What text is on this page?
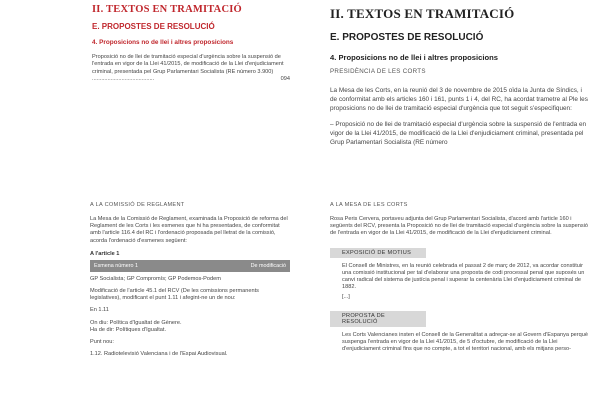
II. TEXTOS EN TRAMITACIÓ
E. PROPOSTES DE RESOLUCIÓ
4. Proposicions no de llei i altres proposicions

Proposició no de llei de tramitació especial d'urgència sobre la suspensió de l'entrada en vigor de la Llei 41/2015, de modificació de la Llei d'enjudiciament criminal, presentada pel Grup Parlamentari Socialista (RE número 3.900) ........................................	094

II. TEXTOS EN TRAMITACIÓ
E. PROPOSTES DE RESOLUCIÓ
4. Proposicions no de llei i altres proposicions
PRESIDÈNCIA DE LES CORTS

La Mesa de les Corts, en la reunió del 3 de novembre de 2015 oïda la Junta de Síndics, i de conformitat amb els articles 160 i 161, punts 1 i 4, del RC, ha acordat trametre al Ple les proposicions no de llei de tramitació especial d'urgència que tot seguit s'especifiquen:

– Proposició no de llei de tramitació especial d'urgència sobre la suspensió de l'entrada en vigor de la Llei 41/2015, de modificació de la Llei d'enjudiciament criminal, presentada pel Grup Parlamentari Socialista (RE número

A LA COMISSIÓ DE REGLAMENT

La Mesa de la Comissió de Reglament, examinada la Proposició de reforma del Reglament de les Corts i les esmenes que hi ha presentades, de conformitat amb l'article 116.4 del RC i l'ordenació proposada pel lletrat de la comissió, acorda l'ordenació d'esmenes següent:

A l'article 1
Esmena número 1	De modificació

GP Socialista; GP Compromís; GP Podemos-Podem

Modificació de l'article 45.1 del RCV (De les comissions permanents legislatives), modificant el punt 1.11 i afegint-ne un de nou:

En 1.11

On diu: Política d'Igualtat de Gènere.

Ha de dir: Polítiques d'Igualtat.

Punt nou:

1.12. Radiotelevisió Valenciana i de l'Espai Audiovisual.

A LA MESA DE LES CORTS

Rosa Peris Cervera, portaveu adjunta del Grup Parlamentari Socialista, d'acord amb l'article 160 i següents del RCV, presenta la Proposició no de llei de tramitació especial d'urgència sobre la suspensió de l'entrada en vigor de la Llei 41/2015, de modificació de la Llei d'enjudiciament criminal.

EXPOSICIÓ DE MOTIUS

El Consell de Ministres, en la reunió celebrada el passat 2 de març de 2012, va acordar constituir una comissió institucional per tal d'elaborar una proposta de codi processal penal que suposés un canvi radical del sistema de justícia penal i superar la centenària Llei d'enjudiciament criminal de 1882.

[...]

PROPOSTA DE RESOLUCIÓ

Les Corts Valencianes insten el Consell de la Generalitat a adreçar-se al Govern d'Espanya perquè suspenga l'entrada en vigor de la Llei 41/2015, de 5 d'octubre, de modificació de la Llei d'enjudiciament criminal fins que no compte, a tot el territori nacional, amb els mitjans perso-
